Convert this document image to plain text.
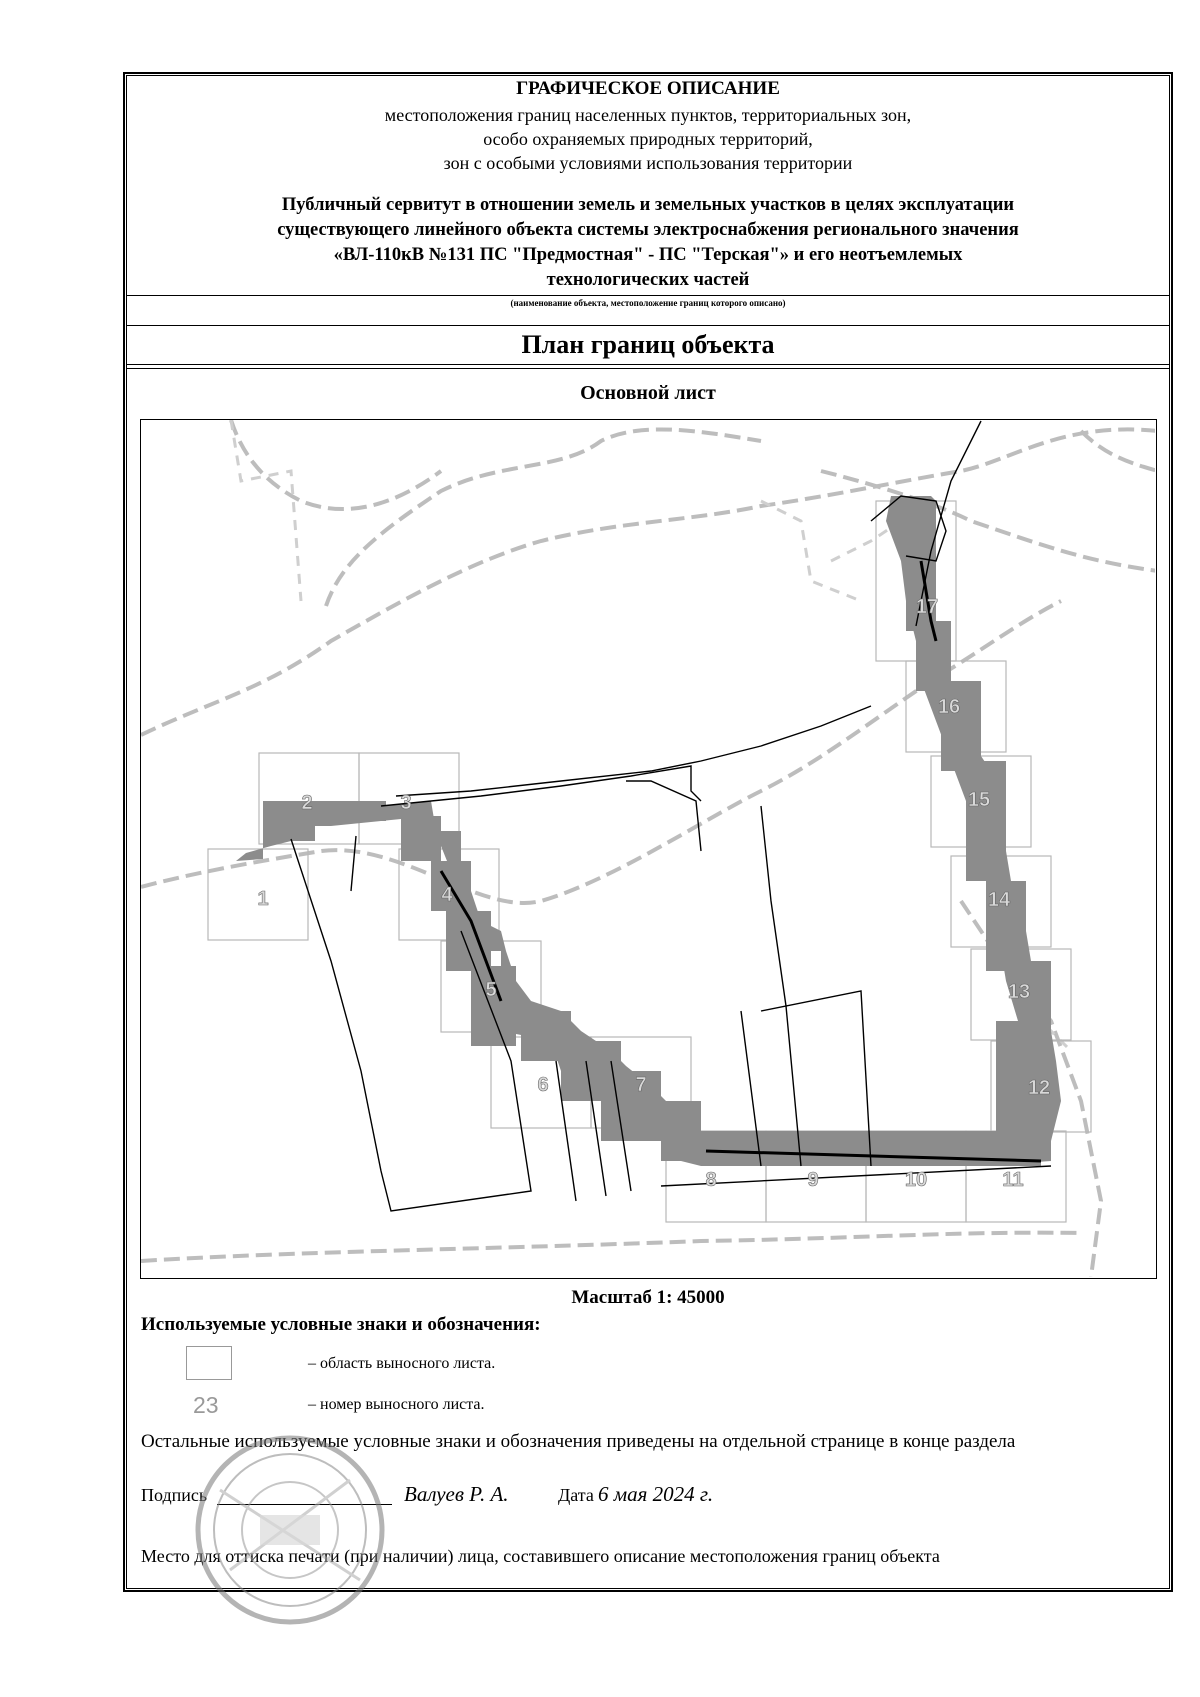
ГРАФИЧЕСКОЕ ОПИСАНИЕ
местоположения границ населенных пунктов, территориальных зон,
особо охраняемых природных территорий,
зон с особыми условиями использования территории
Публичный сервитут в отношении земель и земельных участков в целях эксплуатации существующего линейного объекта системы электроснабжения регионального значения «ВЛ-110кВ №131 ПС "Предмостная" - ПС "Терская"» и его неотъемлемых технологических частей
(наименование объекта, местоположение границ которого описано)
План границ объекта
Основной лист
1
2	3
4
5
6	7
8	9	10	11
12
13
14
15
16
17
Масштаб 1: 45000
Используемые условные знаки и обозначения:
– область выносного листа.
23	– номер выносного листа.
Остальные используемые условные знаки и обозначения приведены на отдельной странице в конце раздела
Подпись	Валуев Р. А.	Дата 6 мая 2024 г.
Место для оттиска печати (при наличии) лица, составившего описание местоположения границ объекта
